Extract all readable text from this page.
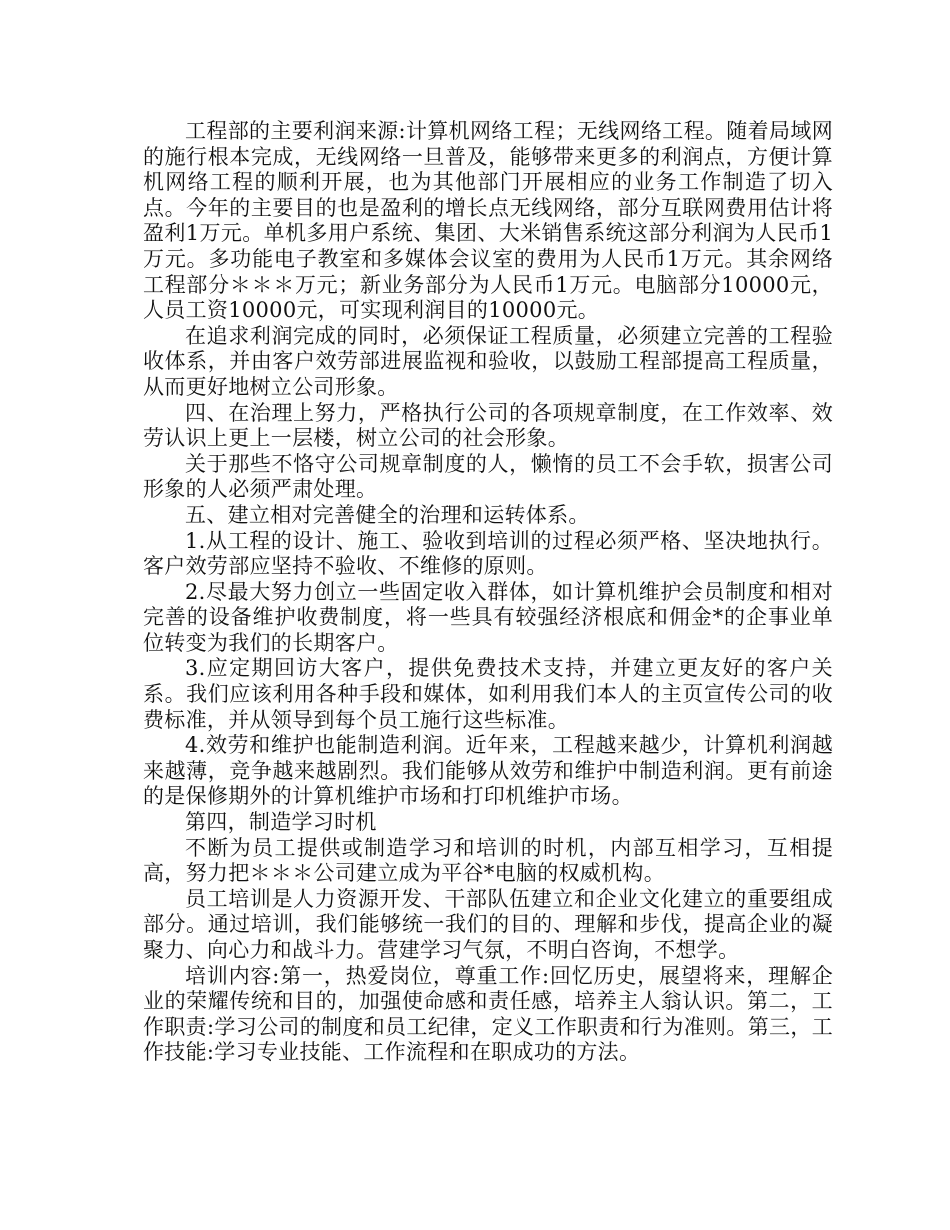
工程部的主要利润来源:计算机网络工程；无线网络工程。随着局域网的施行根本完成，无线网络一旦普及，能够带来更多的利润点，方便计算机网络工程的顺利开展，也为其他部门开展相应的业务工作制造了切入点。今年的主要目的也是盈利的增长点无线网络，部分互联网费用估计将盈利1万元。单机多用户系统、集团、大米销售系统这部分利润为人民币1万元。多功能电子教室和多媒体会议室的费用为人民币1万元。其余网络工程部分＊＊＊万元；新业务部分为人民币1万元。电脑部分10000元，人员工资10000元，可实现利润目的10000元。

在追求利润完成的同时，必须保证工程质量，必须建立完善的工程验收体系，并由客户效劳部进展监视和验收，以鼓励工程部提高工程质量，从而更好地树立公司形象。

四、在治理上努力，严格执行公司的各项规章制度，在工作效率、效劳认识上更上一层楼，树立公司的社会形象。

关于那些不恪守公司规章制度的人，懒惰的员工不会手软，损害公司形象的人必须严肃处理。

五、建立相对完善健全的治理和运转体系。

1.从工程的设计、施工、验收到培训的过程必须严格、坚决地执行。客户效劳部应坚持不验收、不维修的原则。

2.尽最大努力创立一些固定收入群体，如计算机维护会员制度和相对完善的设备维护收费制度，将一些具有较强经济根底和佣金*的企事业单位转变为我们的长期客户。

3.应定期回访大客户，提供免费技术支持，并建立更友好的客户关系。我们应该利用各种手段和媒体，如利用我们本人的主页宣传公司的收费标准，并从领导到每个员工施行这些标准。

4.效劳和维护也能制造利润。近年来，工程越来越少，计算机利润越来越薄，竞争越来越剧烈。我们能够从效劳和维护中制造利润。更有前途的是保修期外的计算机维护市场和打印机维护市场。

第四，制造学习时机

不断为员工提供或制造学习和培训的时机，内部互相学习，互相提高，努力把＊＊＊公司建立成为平谷*电脑的权威机构。

员工培训是人力资源开发、干部队伍建立和企业文化建立的重要组成部分。通过培训，我们能够统一我们的目的、理解和步伐，提高企业的凝聚力、向心力和战斗力。营建学习气氛，不明白咨询，不想学。

培训内容:第一，热爱岗位，尊重工作:回忆历史，展望将来，理解企业的荣耀传统和目的，加强使命感和责任感，培养主人翁认识。第二，工作职责:学习公司的制度和员工纪律，定义工作职责和行为准则。第三，工作技能:学习专业技能、工作流程和在职成功的方法。
